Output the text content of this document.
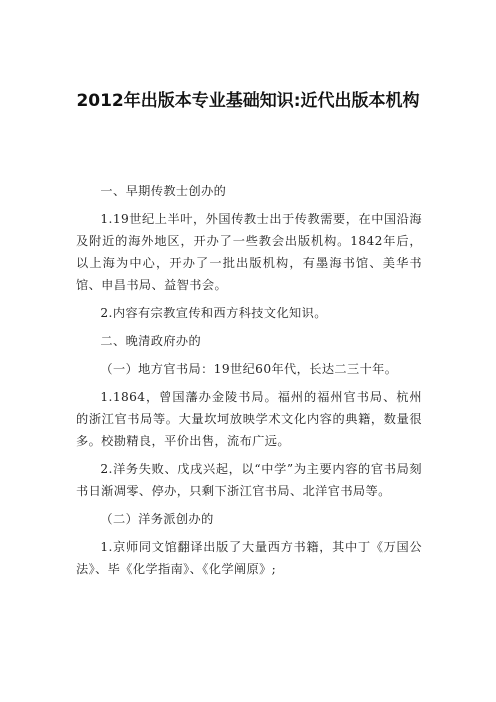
2012年出版本专业基础知识:近代出版本机构

一、早期传教士创办的

1.19世纪上半叶，外国传教士出于传教需要，在中国沿海及附近的海外地区，开办了一些教会出版机构。1842年后，以上海为中心，开办了一批出版机构，有墨海书馆、美华书馆、申昌书局、益智书会。

2.内容有宗教宣传和西方科技文化知识。

二、晚清政府办的

（一）地方官书局：19世纪60年代，长达二三十年。

1.1864，曾国藩办金陵书局。福州的福州官书局、杭州的浙江官书局等。大量坎坷放映学术文化内容的典籍，数量很多。校勘精良，平价出售，流布广远。

2.洋务失败、戊戌兴起，以“中学”为主要内容的官书局刻书日渐凋零、停办，只剩下浙江官书局、北洋官书局等。

（二）洋务派创办的

1.京师同文馆翻译出版了大量西方书籍，其中丁《万国公法》、毕《化学指南》、《化学阐原》;
